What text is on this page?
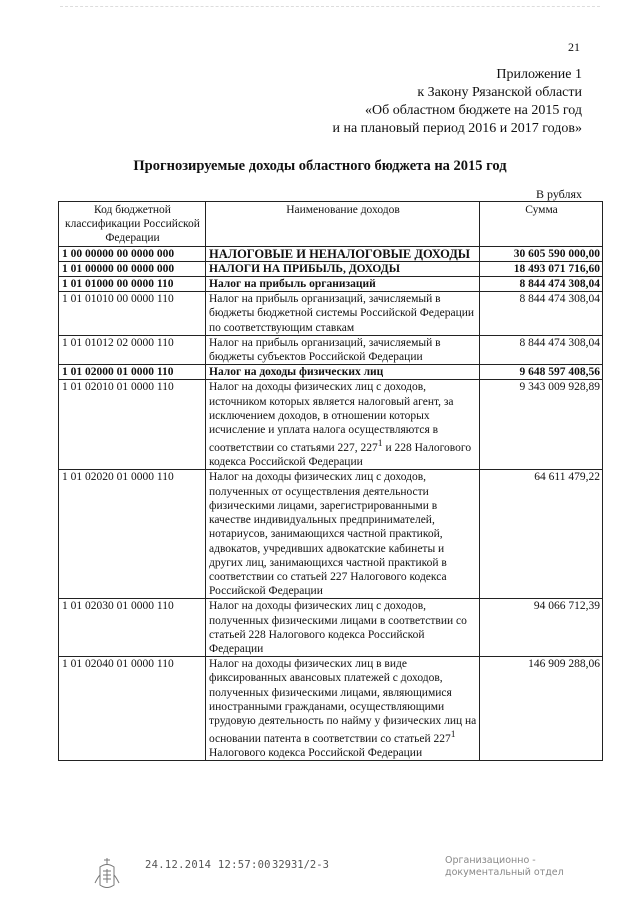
21
Приложение 1
к Закону Рязанской области
«Об областном бюджете на 2015 год
и на плановый период 2016 и 2017 годов»
Прогнозируемые доходы областного бюджета на 2015 год
В рублях
Код бюджетной классификации Российской Федерации	Наименование доходов	Сумма
1 00 00000 00 0000 000	НАЛОГОВЫЕ И НЕНАЛОГОВЫЕ ДОХОДЫ	30 605 590 000,00
1 01 00000 00 0000 000	НАЛОГИ НА ПРИБЫЛЬ, ДОХОДЫ	18 493 071 716,60
1 01 01000 00 0000 110	Налог на прибыль организаций	8 844 474 308,04
1 01 01010 00 0000 110	Налог на прибыль организаций, зачисляемый в бюджеты бюджетной системы Российской Федерации по соответствующим ставкам	8 844 474 308,04
1 01 01012 02 0000 110	Налог на прибыль организаций, зачисляемый в бюджеты субъектов Российской Федерации	8 844 474 308,04
1 01 02000 01 0000 110	Налог на доходы физических лиц	9 648 597 408,56
1 01 02010 01 0000 110	Налог на доходы физических лиц с доходов, источником которых является налоговый агент, за исключением доходов, в отношении которых исчисление и уплата налога осуществляются в соответствии со статьями 227, $227^1$ и 228 Налогового кодекса Российской Федерации	9 343 009 928,89
1 01 02020 01 0000 110	Налог на доходы физических лиц с доходов, полученных от осуществления деятельности физическими лицами, зарегистрированными в качестве индивидуальных предпринимателей, нотариусов, занимающихся частной практикой, адвокатов, учредивших адвокатские кабинеты и других лиц, занимающихся частной практикой в соответствии со статьей 227 Налогового кодекса Российской Федерации	64 611 479,22
1 01 02030 01 0000 110	Налог на доходы физических лиц с доходов, полученных физическими лицами в соответствии со статьей 228 Налогового кодекса Российской Федерации	94 066 712,39
1 01 02040 01 0000 110	Налог на доходы физических лиц в виде фиксированных авансовых платежей с доходов, полученных физическими лицами, являющимися иностранными гражданами, осуществляющими трудовую деятельность по найму у физических лиц на основании патента в соответствии со статьей $227^1$ Налогового кодекса Российской Федерации	146 909 288,06
24.12.2014 12:57:00 32931/2-3	Организационно -
документальный отдел
